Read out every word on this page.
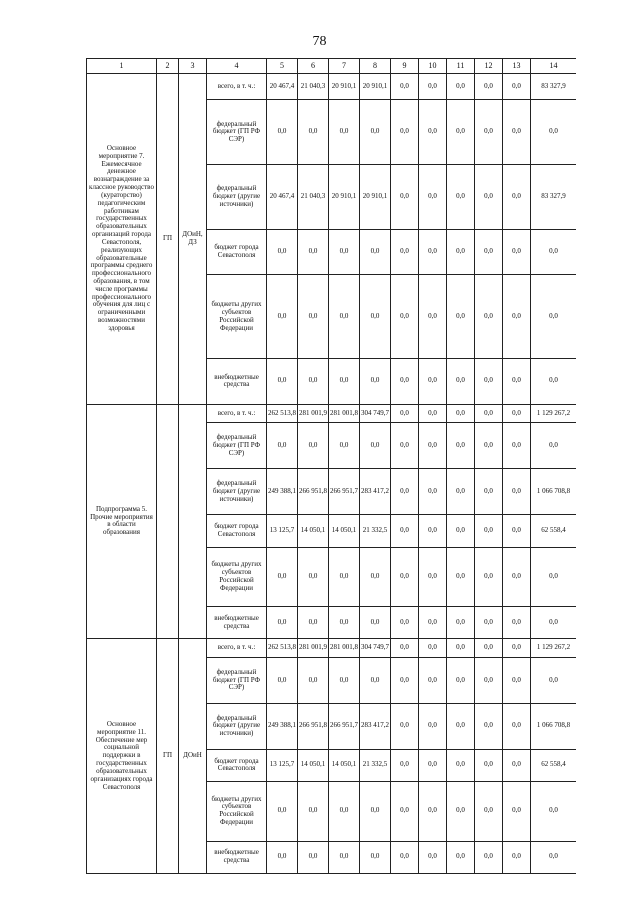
78
1	2	3	4	5	6	7	8	9	10	11	12	13	14
Основное мероприятие 7. Ежемесячное денежное вознаграждение за классное руководство (кураторство) педагогическим работникам государственных образовательных организаций города Севастополя, реализующих образовательные программы среднего профессионального образования, в том числе программы профессионального обучения для лиц с ограниченными возможностями здоровья	ГП	ДОиН, ДЗ	всего, в т. ч.:	20 467,4	21 040,3	20 910,1	20 910,1	0,0	0,0	0,0	0,0	0,0	83 327,9
			федеральный бюджет (ГП РФ СЭР)	0,0	0,0	0,0	0,0	0,0	0,0	0,0	0,0	0,0	0,0
			федеральный бюджет (другие источники)	20 467,4	21 040,3	20 910,1	20 910,1	0,0	0,0	0,0	0,0	0,0	83 327,9
			бюджет города Севастополя	0,0	0,0	0,0	0,0	0,0	0,0	0,0	0,0	0,0	0,0
			бюджеты других субъектов Российской Федерации	0,0	0,0	0,0	0,0	0,0	0,0	0,0	0,0	0,0	0,0
			внебюджетные средства	0,0	0,0	0,0	0,0	0,0	0,0	0,0	0,0	0,0	0,0
Подпрограмма 5. Прочие мероприятия в области образования			всего, в т. ч.:	262 513,8	281 001,9	281 001,8	304 749,7	0,0	0,0	0,0	0,0	0,0	1 129 267,2
			федеральный бюджет (ГП РФ СЭР)	0,0	0,0	0,0	0,0	0,0	0,0	0,0	0,0	0,0	0,0
			федеральный бюджет (другие источники)	249 388,1	266 951,8	266 951,7	283 417,2	0,0	0,0	0,0	0,0	0,0	1 066 708,8
			бюджет города Севастополя	13 125,7	14 050,1	14 050,1	21 332,5	0,0	0,0	0,0	0,0	0,0	62 558,4
			бюджеты других субъектов Российской Федерации	0,0	0,0	0,0	0,0	0,0	0,0	0,0	0,0	0,0	0,0
			внебюджетные средства	0,0	0,0	0,0	0,0	0,0	0,0	0,0	0,0	0,0	0,0
Основное мероприятие 11. Обеспечение мер социальной поддержки в государственных образовательных организациях города Севастополя	ГП	ДОиН	всего, в т. ч.:	262 513,8	281 001,9	281 001,8	304 749,7	0,0	0,0	0,0	0,0	0,0	1 129 267,2
			федеральный бюджет (ГП РФ СЭР)	0,0	0,0	0,0	0,0	0,0	0,0	0,0	0,0	0,0	0,0
			федеральный бюджет (другие источники)	249 388,1	266 951,8	266 951,7	283 417,2	0,0	0,0	0,0	0,0	0,0	1 066 708,8
			бюджет города Севастополя	13 125,7	14 050,1	14 050,1	21 332,5	0,0	0,0	0,0	0,0	0,0	62 558,4
			бюджеты других субъектов Российской Федерации	0,0	0,0	0,0	0,0	0,0	0,0	0,0	0,0	0,0	0,0
			внебюджетные средства	0,0	0,0	0,0	0,0	0,0	0,0	0,0	0,0	0,0	0,0
